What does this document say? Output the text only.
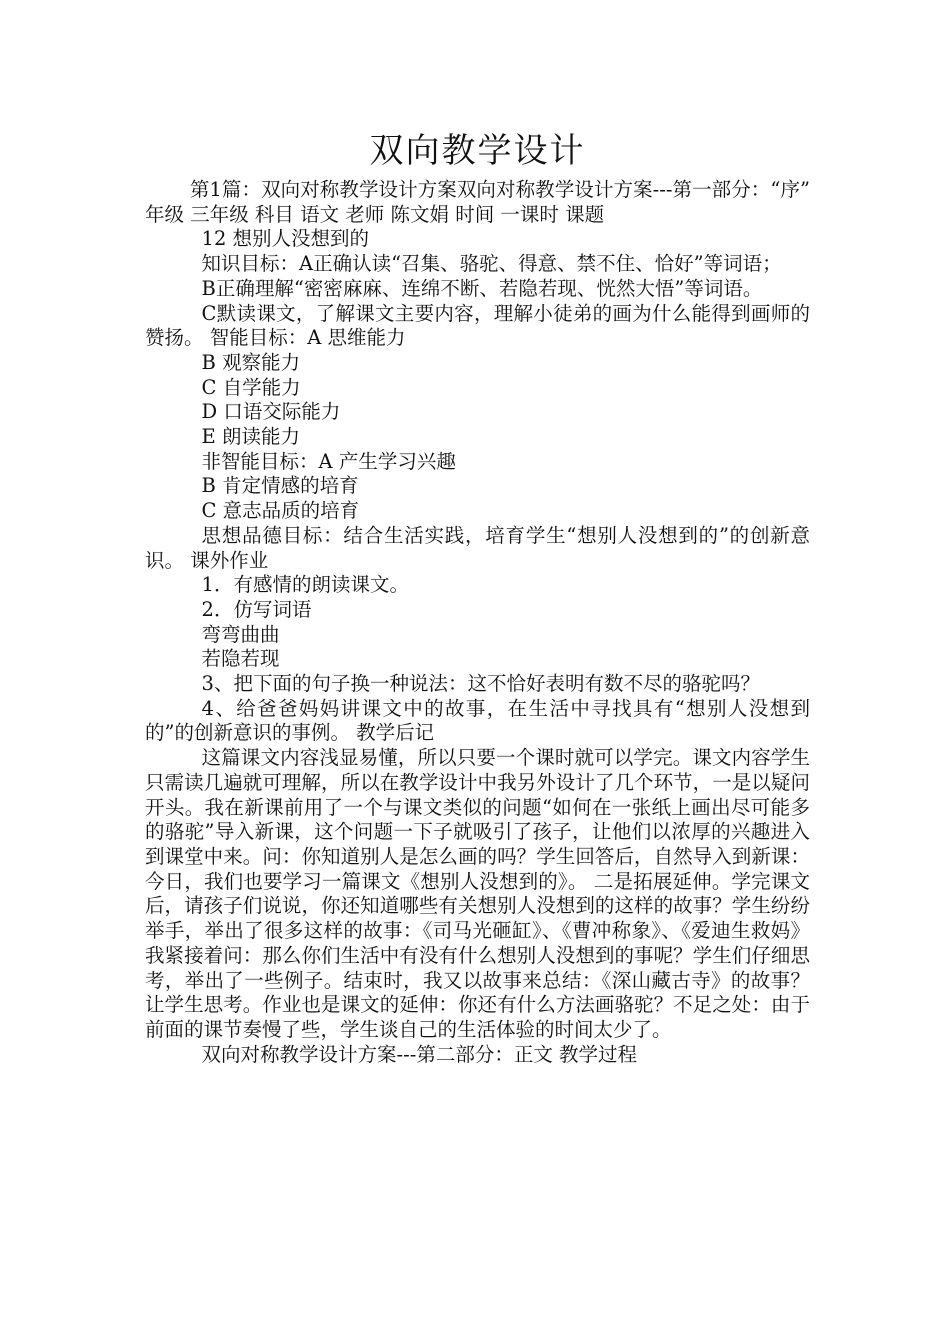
双向教学设计

第1篇：双向对称教学设计方案双向对称教学设计方案---第一部分：“序” 年级 三年级 科目 语文 老师 陈文娟 时间 一课时 课题

12 想别人没想到的

知识目标：A正确认读“召集、骆驼、得意、禁不住、恰好”等词语；

B正确理解“密密麻麻、连绵不断、若隐若现、恍然大悟”等词语。

C默读课文，了解课文主要内容，理解小徒弟的画为什么能得到画师的赞扬。 智能目标：A 思维能力

B 观察能力

C 自学能力

D 口语交际能力

E 朗读能力

非智能目标：A 产生学习兴趣

B 肯定情感的培育

C 意志品质的培育

思想品德目标：结合生活实践，培育学生“想别人没想到的”的创新意识。 课外作业

1．有感情的朗读课文。

2．仿写词语

弯弯曲曲

若隐若现

3、把下面的句子换一种说法：这不恰好表明有数不尽的骆驼吗？

4、给爸爸妈妈讲课文中的故事，在生活中寻找具有“想别人没想到的”的创新意识的事例。 教学后记

这篇课文内容浅显易懂，所以只要一个课时就可以学完。课文内容学生只需读几遍就可理解，所以在教学设计中我另外设计了几个环节，一是以疑问开头。我在新课前用了一个与课文类似的问题“如何在一张纸上画出尽可能多的骆驼”导入新课，这个问题一下子就吸引了孩子，让他们以浓厚的兴趣进入到课堂中来。问：你知道别人是怎么画的吗？学生回答后，自然导入到新课：今日，我们也要学习一篇课文《想别人没想到的》。 二是拓展延伸。学完课文后，请孩子们说说，你还知道哪些有关想别人没想到的这样的故事？学生纷纷举手，举出了很多这样的故事：《司马光砸缸》、《曹冲称象》、《爱迪生救妈》我紧接着问：那么你们生活中有没有什么想别人没想到的事呢？学生们仔细思考，举出了一些例子。结束时，我又以故事来总结：《深山藏古寺》的故事？让学生思考。作业也是课文的延伸：你还有什么方法画骆驼？不足之处：由于前面的课节奏慢了些，学生谈自己的生活体验的时间太少了。

双向对称教学设计方案---第二部分：正文 教学过程
